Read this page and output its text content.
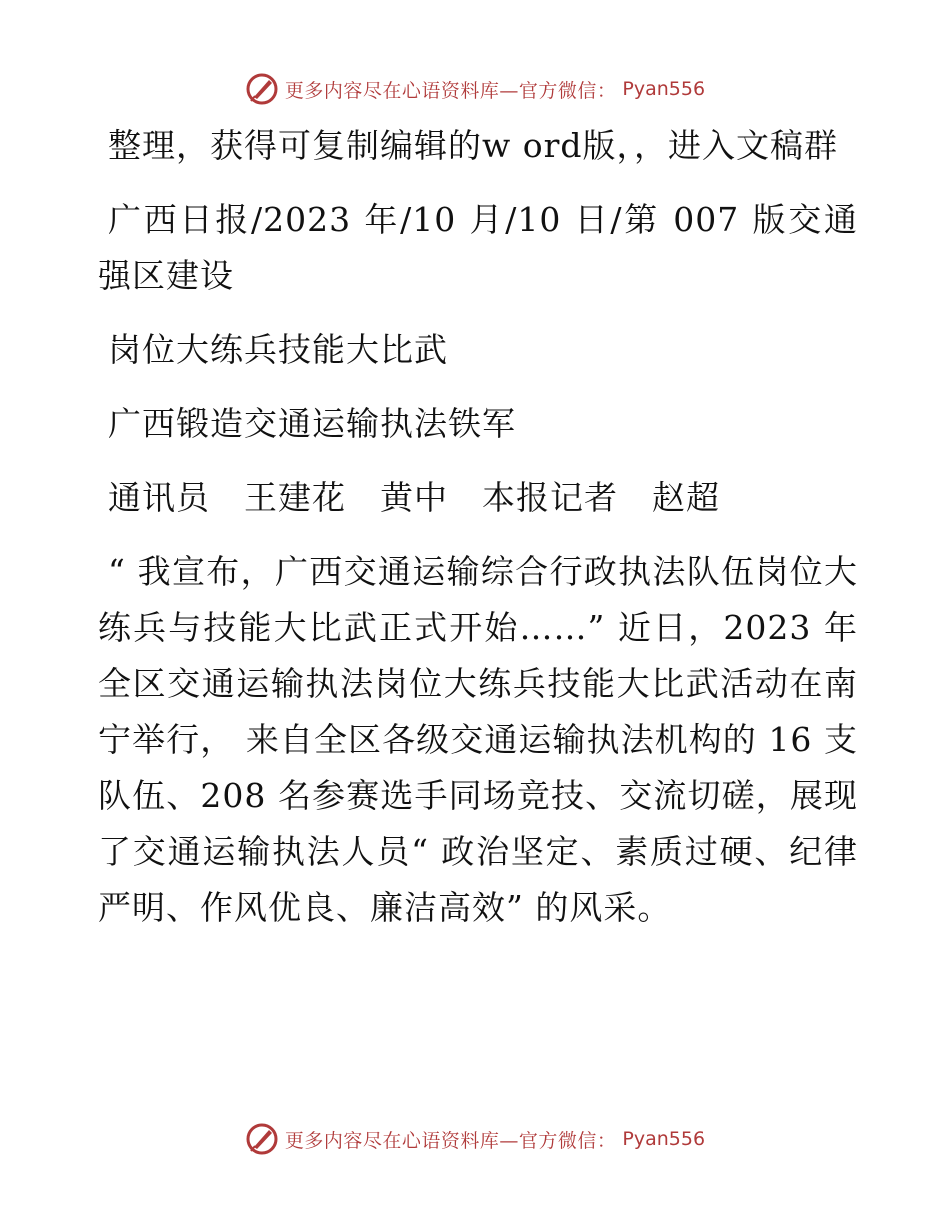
更多内容尽在心语资料库—官方微信： Pyan556

整理，获得可复制编辑的w ord版，，进入文稿群

广西日报/2023 年/10 月/10 日/第 007 版交通强区建设

岗位大练兵技能大比武

广西锻造交通运输执法铁军

通讯员　王建花　黄中　本报记者　赵超

“ 我宣布，广西交通运输综合行政执法队伍岗位大练兵与技能大比武正式开始……” 近日，2023 年全区交通运输执法岗位大练兵技能大比武活动在南宁举行， 来自全区各级交通运输执法机构的 16 支队伍、208 名参赛选手同场竞技、交流切磋，展现了交通运输执法人员“ 政治坚定、素质过硬、纪律严明、作风优良、廉洁高效” 的风采。

更多内容尽在心语资料库—官方微信： Pyan556
